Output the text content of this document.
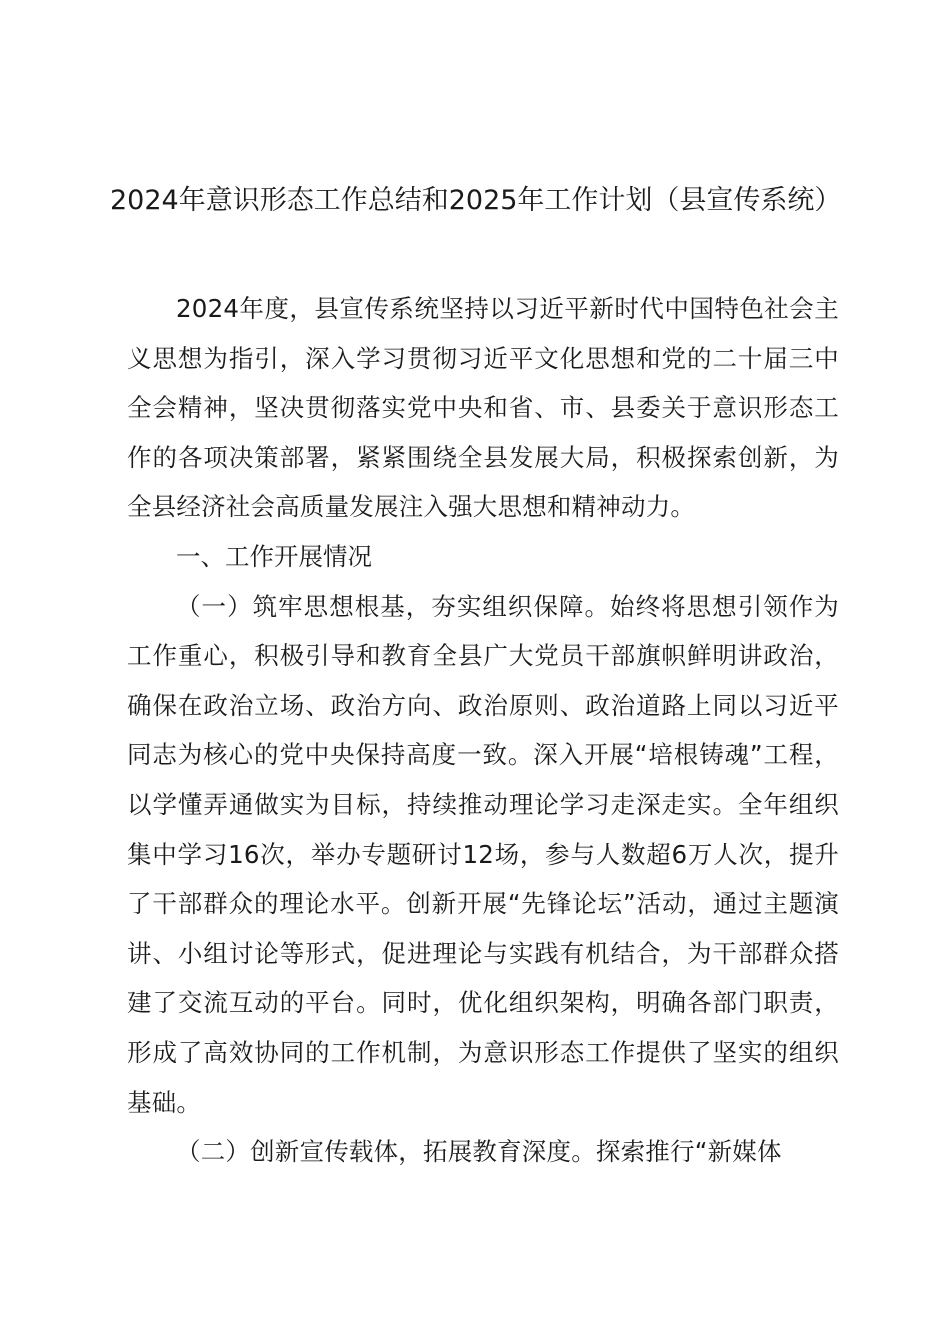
2024年意识形态工作总结和2025年工作计划（县宣传系统）

2024年度，县宣传系统坚持以习近平新时代中国特色社会主义思想为指引，深入学习贯彻习近平文化思想和党的二十届三中全会精神，坚决贯彻落实党中央和省、市、县委关于意识形态工作的各项决策部署，紧紧围绕全县发展大局，积极探索创新，为全县经济社会高质量发展注入强大思想和精神动力。

一、工作开展情况

（一）筑牢思想根基，夯实组织保障。始终将思想引领作为工作重心，积极引导和教育全县广大党员干部旗帜鲜明讲政治，确保在政治立场、政治方向、政治原则、政治道路上同以习近平同志为核心的党中央保持高度一致。深入开展“培根铸魂”工程，以学懂弄通做实为目标，持续推动理论学习走深走实。全年组织集中学习16次，举办专题研讨12场，参与人数超6万人次，提升了干部群众的理论水平。创新开展“先锋论坛”活动，通过主题演讲、小组讨论等形式，促进理论与实践有机结合，为干部群众搭建了交流互动的平台。同时，优化组织架构，明确各部门职责，形成了高效协同的工作机制，为意识形态工作提供了坚实的组织基础。

（二）创新宣传载体，拓展教育深度。探索推行“新媒体
